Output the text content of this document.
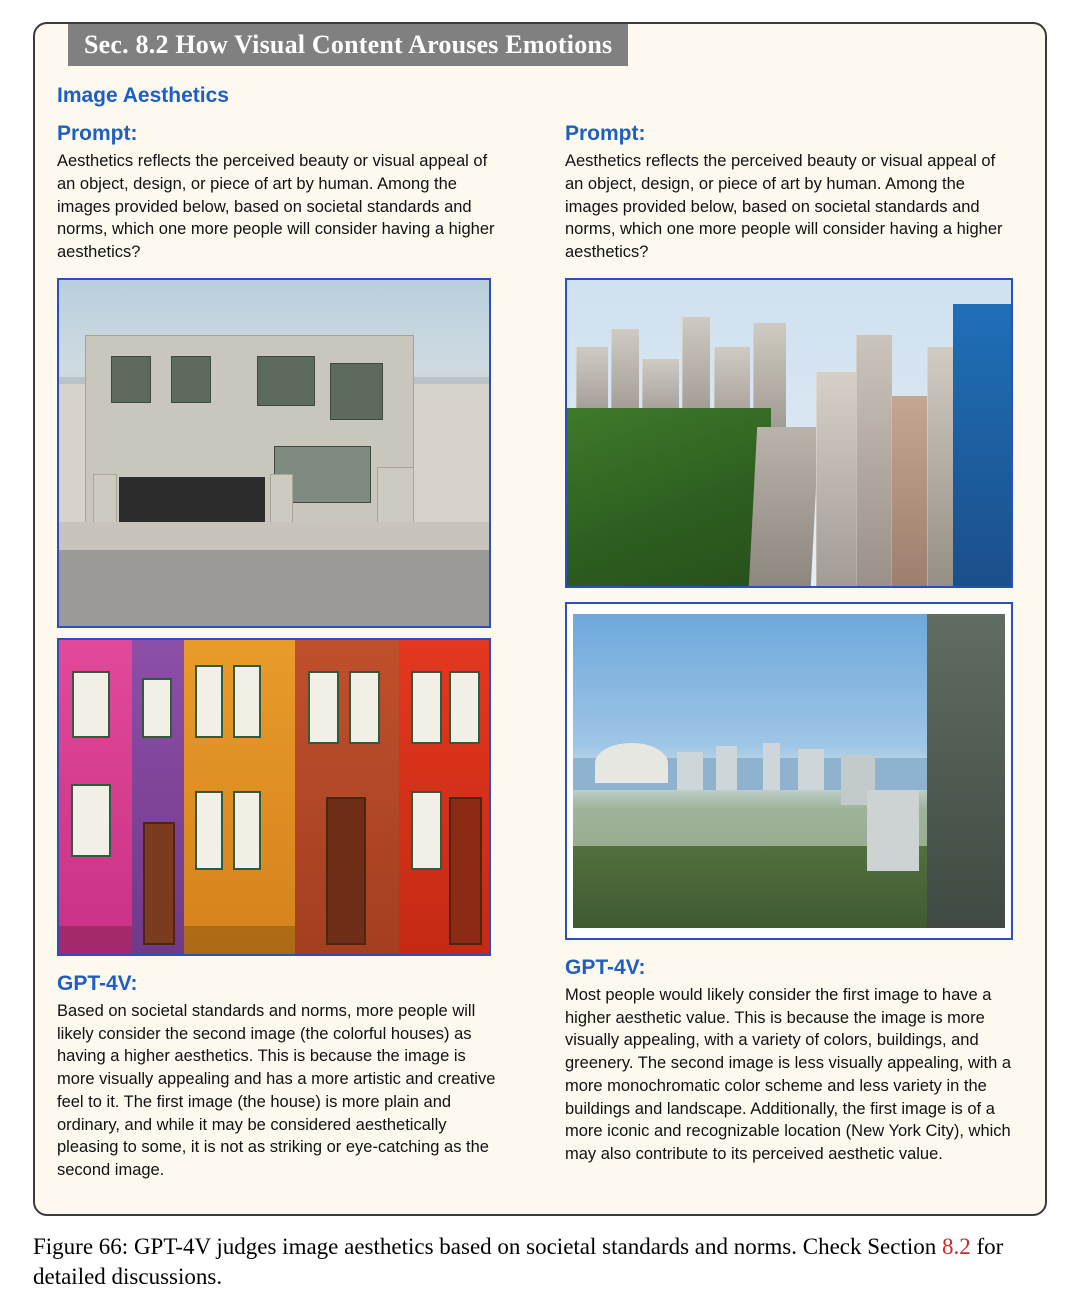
Sec. 8.2 How Visual Content Arouses Emotions
Image Aesthetics
Prompt:

Aesthetics reflects the perceived beauty or visual appeal of an object, design, or piece of art by human. Among the images provided below, based on societal standards and norms, which one more people will consider having a higher aesthetics?

GPT-4V:

Based on societal standards and norms, more people will likely consider the second image (the colorful houses) as having a higher aesthetics. This is because the image is more visually appealing and has a more artistic and creative feel to it. The first image (the house) is more plain and ordinary, and while it may be considered aesthetically pleasing to some, it is not as striking or eye-catching as the second image.

Prompt:

Aesthetics reflects the perceived beauty or visual appeal of an object, design, or piece of art by human. Among the images provided below, based on societal standards and norms, which one more people will consider having a higher aesthetics?

GPT-4V:

Most people would likely consider the first image to have a higher aesthetic value. This is because the image is more visually appealing, with a variety of colors, buildings, and greenery. The second image is less visually appealing, with a more monochromatic color scheme and less variety in the buildings and landscape. Additionally, the first image is of a more iconic and recognizable location (New York City), which may also contribute to its perceived aesthetic value.

Figure 66: GPT-4V judges image aesthetics based on societal standards and norms. Check Section 8.2 for detailed discussions.
